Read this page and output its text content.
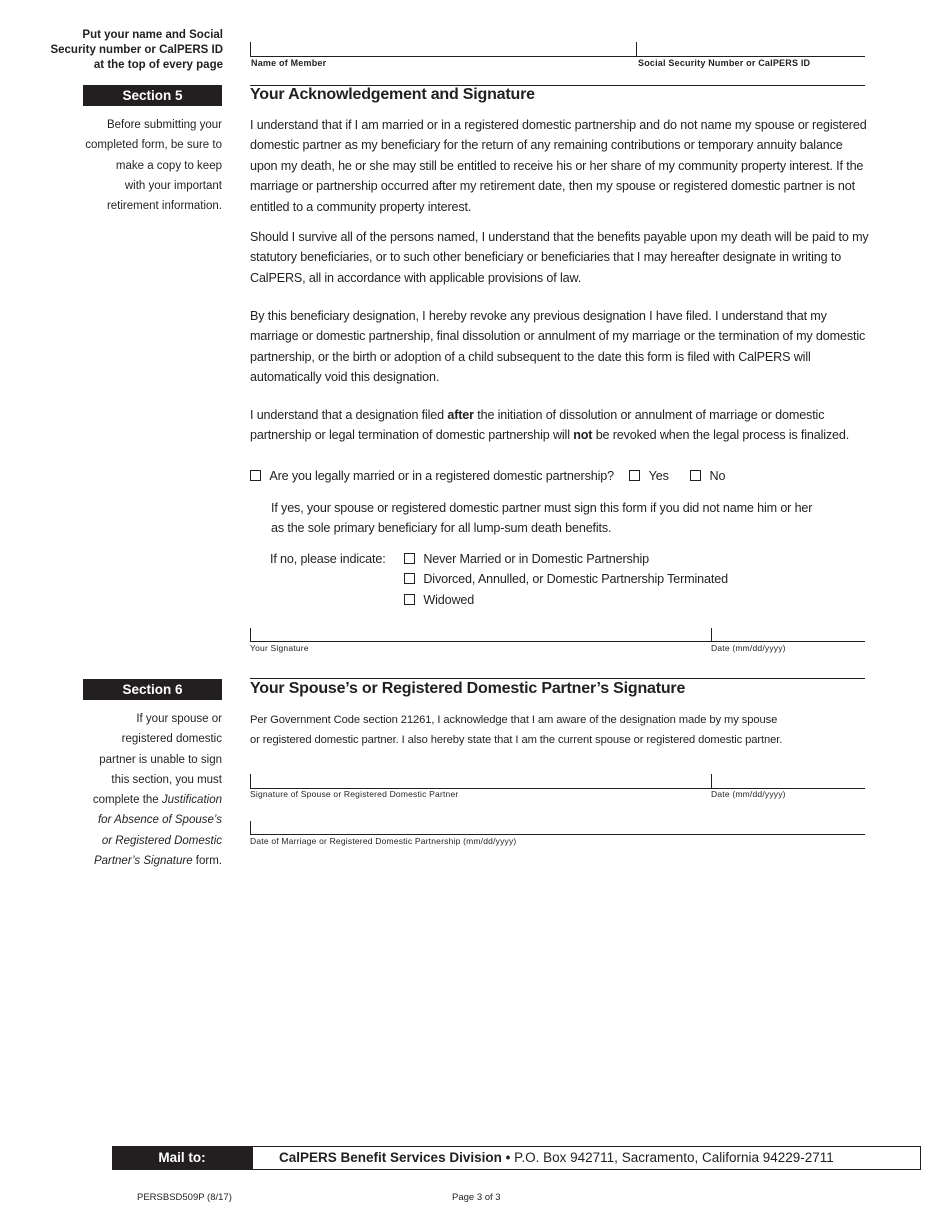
Put your name and Social
Security number or CalPERS ID
at the top of every page	Name of Member	Social Security Number or CalPERS ID
Section 5	Your Acknowledgement and Signature
Before submitting your
completed form, be sure to
make a copy to keep
with your important
retirement information.
I understand that if I am married or in a registered domestic partnership and do not name my spouse or registered domestic partner as my beneficiary for the return of any remaining contributions or temporary annuity balance upon my death, he or she may still be entitled to receive his or her share of my community property interest. If the marriage or partnership occurred after my retirement date, then my spouse or registered domestic partner is not entitled to a community property interest.
Should I survive all of the persons named, I understand that the benefits payable upon my death will be paid to my statutory beneficiaries, or to such other beneficiary or beneficiaries that I may hereafter designate in writing to CalPERS, all in accordance with applicable provisions of law.
By this beneficiary designation, I hereby revoke any previous designation I have filed. I understand that my marriage or domestic partnership, final dissolution or annulment of my marriage or the termination of my domestic partnership, or the birth or adoption of a child subsequent to the date this form is filed with CalPERS will automatically void this designation.
I understand that a designation filed after the initiation of dissolution or annulment of marriage or domestic partnership or legal termination of domestic partnership will not be revoked when the legal process is finalized.
Are you legally married or in a registered domestic partnership?	Yes	No
If yes, your spouse or registered domestic partner must sign this form if you did not name him or her
as the sole primary beneficiary for all lump-sum death benefits.
If no, please indicate:	Never Married or in Domestic Partnership
Divorced, Annulled, or Domestic Partnership Terminated
Widowed
Your Signature	Date (mm/dd/yyyy)
Section 6	Your Spouse’s or Registered Domestic Partner’s Signature
If your spouse or
registered domestic
partner is unable to sign
this section, you must
complete the Justification
for Absence of Spouse’s
or Registered Domestic
Partner’s Signature form.
Per Government Code section 21261, I acknowledge that I am aware of the designation made by my spouse
or registered domestic partner. I also hereby state that I am the current spouse or registered domestic partner.
Signature of Spouse or Registered Domestic Partner	Date (mm/dd/yyyy)
Date of Marriage or Registered Domestic Partnership (mm/dd/yyyy)
Mail to:	CalPERS Benefit Services Division • P.O. Box 942711, Sacramento, California 94229-2711
PERSBSD509P (8/17)	Page 3 of 3
